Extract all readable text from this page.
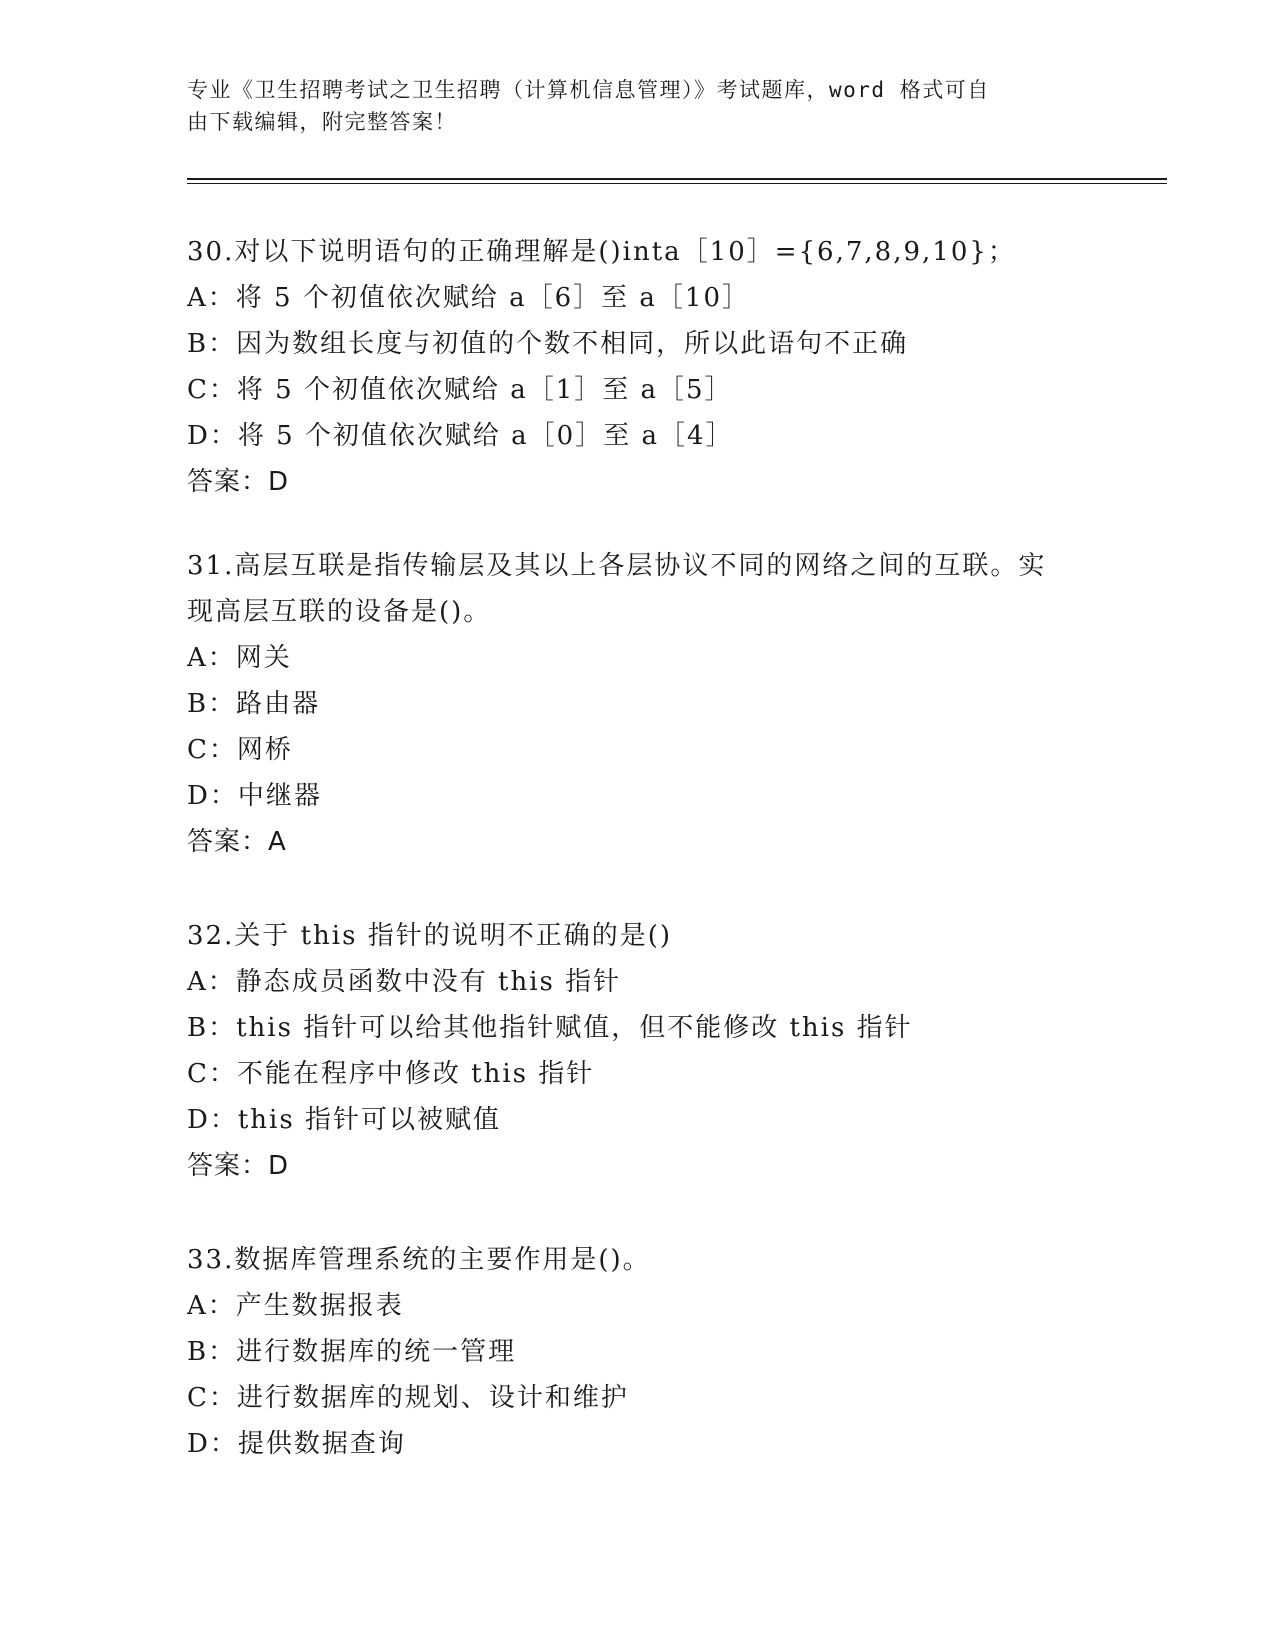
专业《卫生招聘考试之卫生招聘（计算机信息管理）》考试题库，word 格式可自
由下载编辑，附完整答案！
30.对以下说明语句的正确理解是()inta［10］={6,7,8,9,10}；
A：将 5 个初值依次赋给 a［6］至 a［10］
B：因为数组长度与初值的个数不相同，所以此语句不正确
C：将 5 个初值依次赋给 a［1］至 a［5］
D：将 5 个初值依次赋给 a［0］至 a［4］
答案：D
31.高层互联是指传输层及其以上各层协议不同的网络之间的互联。实
现高层互联的设备是()。
A：网关
B：路由器
C：网桥
D：中继器
答案：A
32.关于 this 指针的说明不正确的是()
A：静态成员函数中没有 this 指针
B：this 指针可以给其他指针赋值，但不能修改 this 指针
C：不能在程序中修改 this 指针
D：this 指针可以被赋值
答案：D
33.数据库管理系统的主要作用是()。
A：产生数据报表
B：进行数据库的统一管理
C：进行数据库的规划、设计和维护
D：提供数据查询
